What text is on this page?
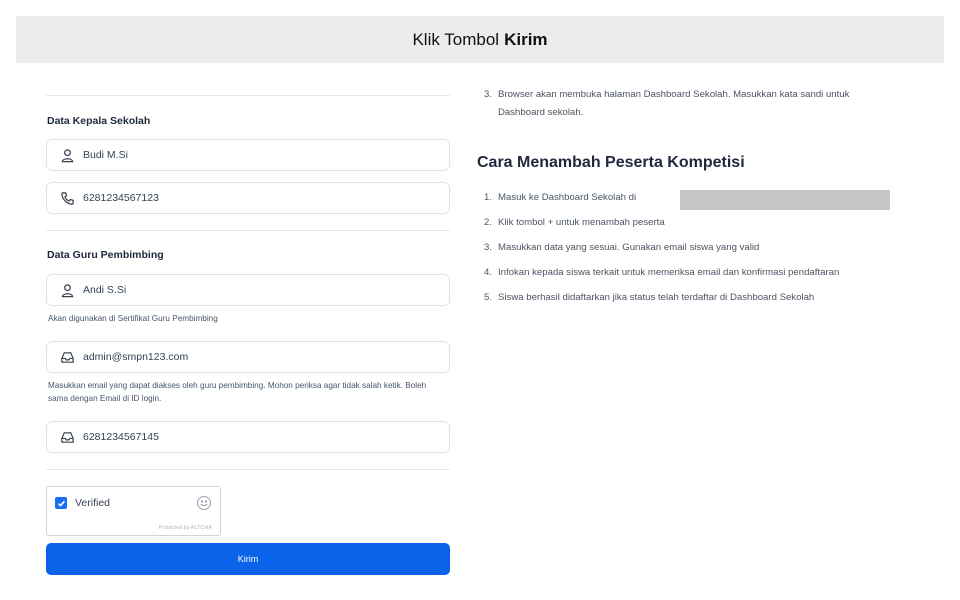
Klik Tombol Kirim
Data Kepala Sekolah
Budi M.Si
6281234567123
Data Guru Pembimbing
Andi S.Si
Akan digunakan di Sertifikat Guru Pembimbing
admin@smpn123.com
Masukkan email yang dapat diakses oleh guru pembimbing. Mohon periksa agar tidak salah ketik. Boleh sama dengan Email di ID login.
6281234567145
Verified
Protected by ALTCHA
Kirim
3. Browser akan membuka halaman Dashboard Sekolah. Masukkan kata sandi untuk Dashboard sekolah.
Cara Menambah Peserta Kompetisi
1. Masuk ke Dashboard Sekolah di
2. Klik tombol + untuk menambah peserta
3. Masukkan data yang sesuai. Gunakan email siswa yang valid
4. Infokan kepada siswa terkait untuk memeriksa email dan konfirmasi pendaftaran
5. Siswa berhasil didaftarkan jika status telah terdaftar di Dashboard Sekolah
